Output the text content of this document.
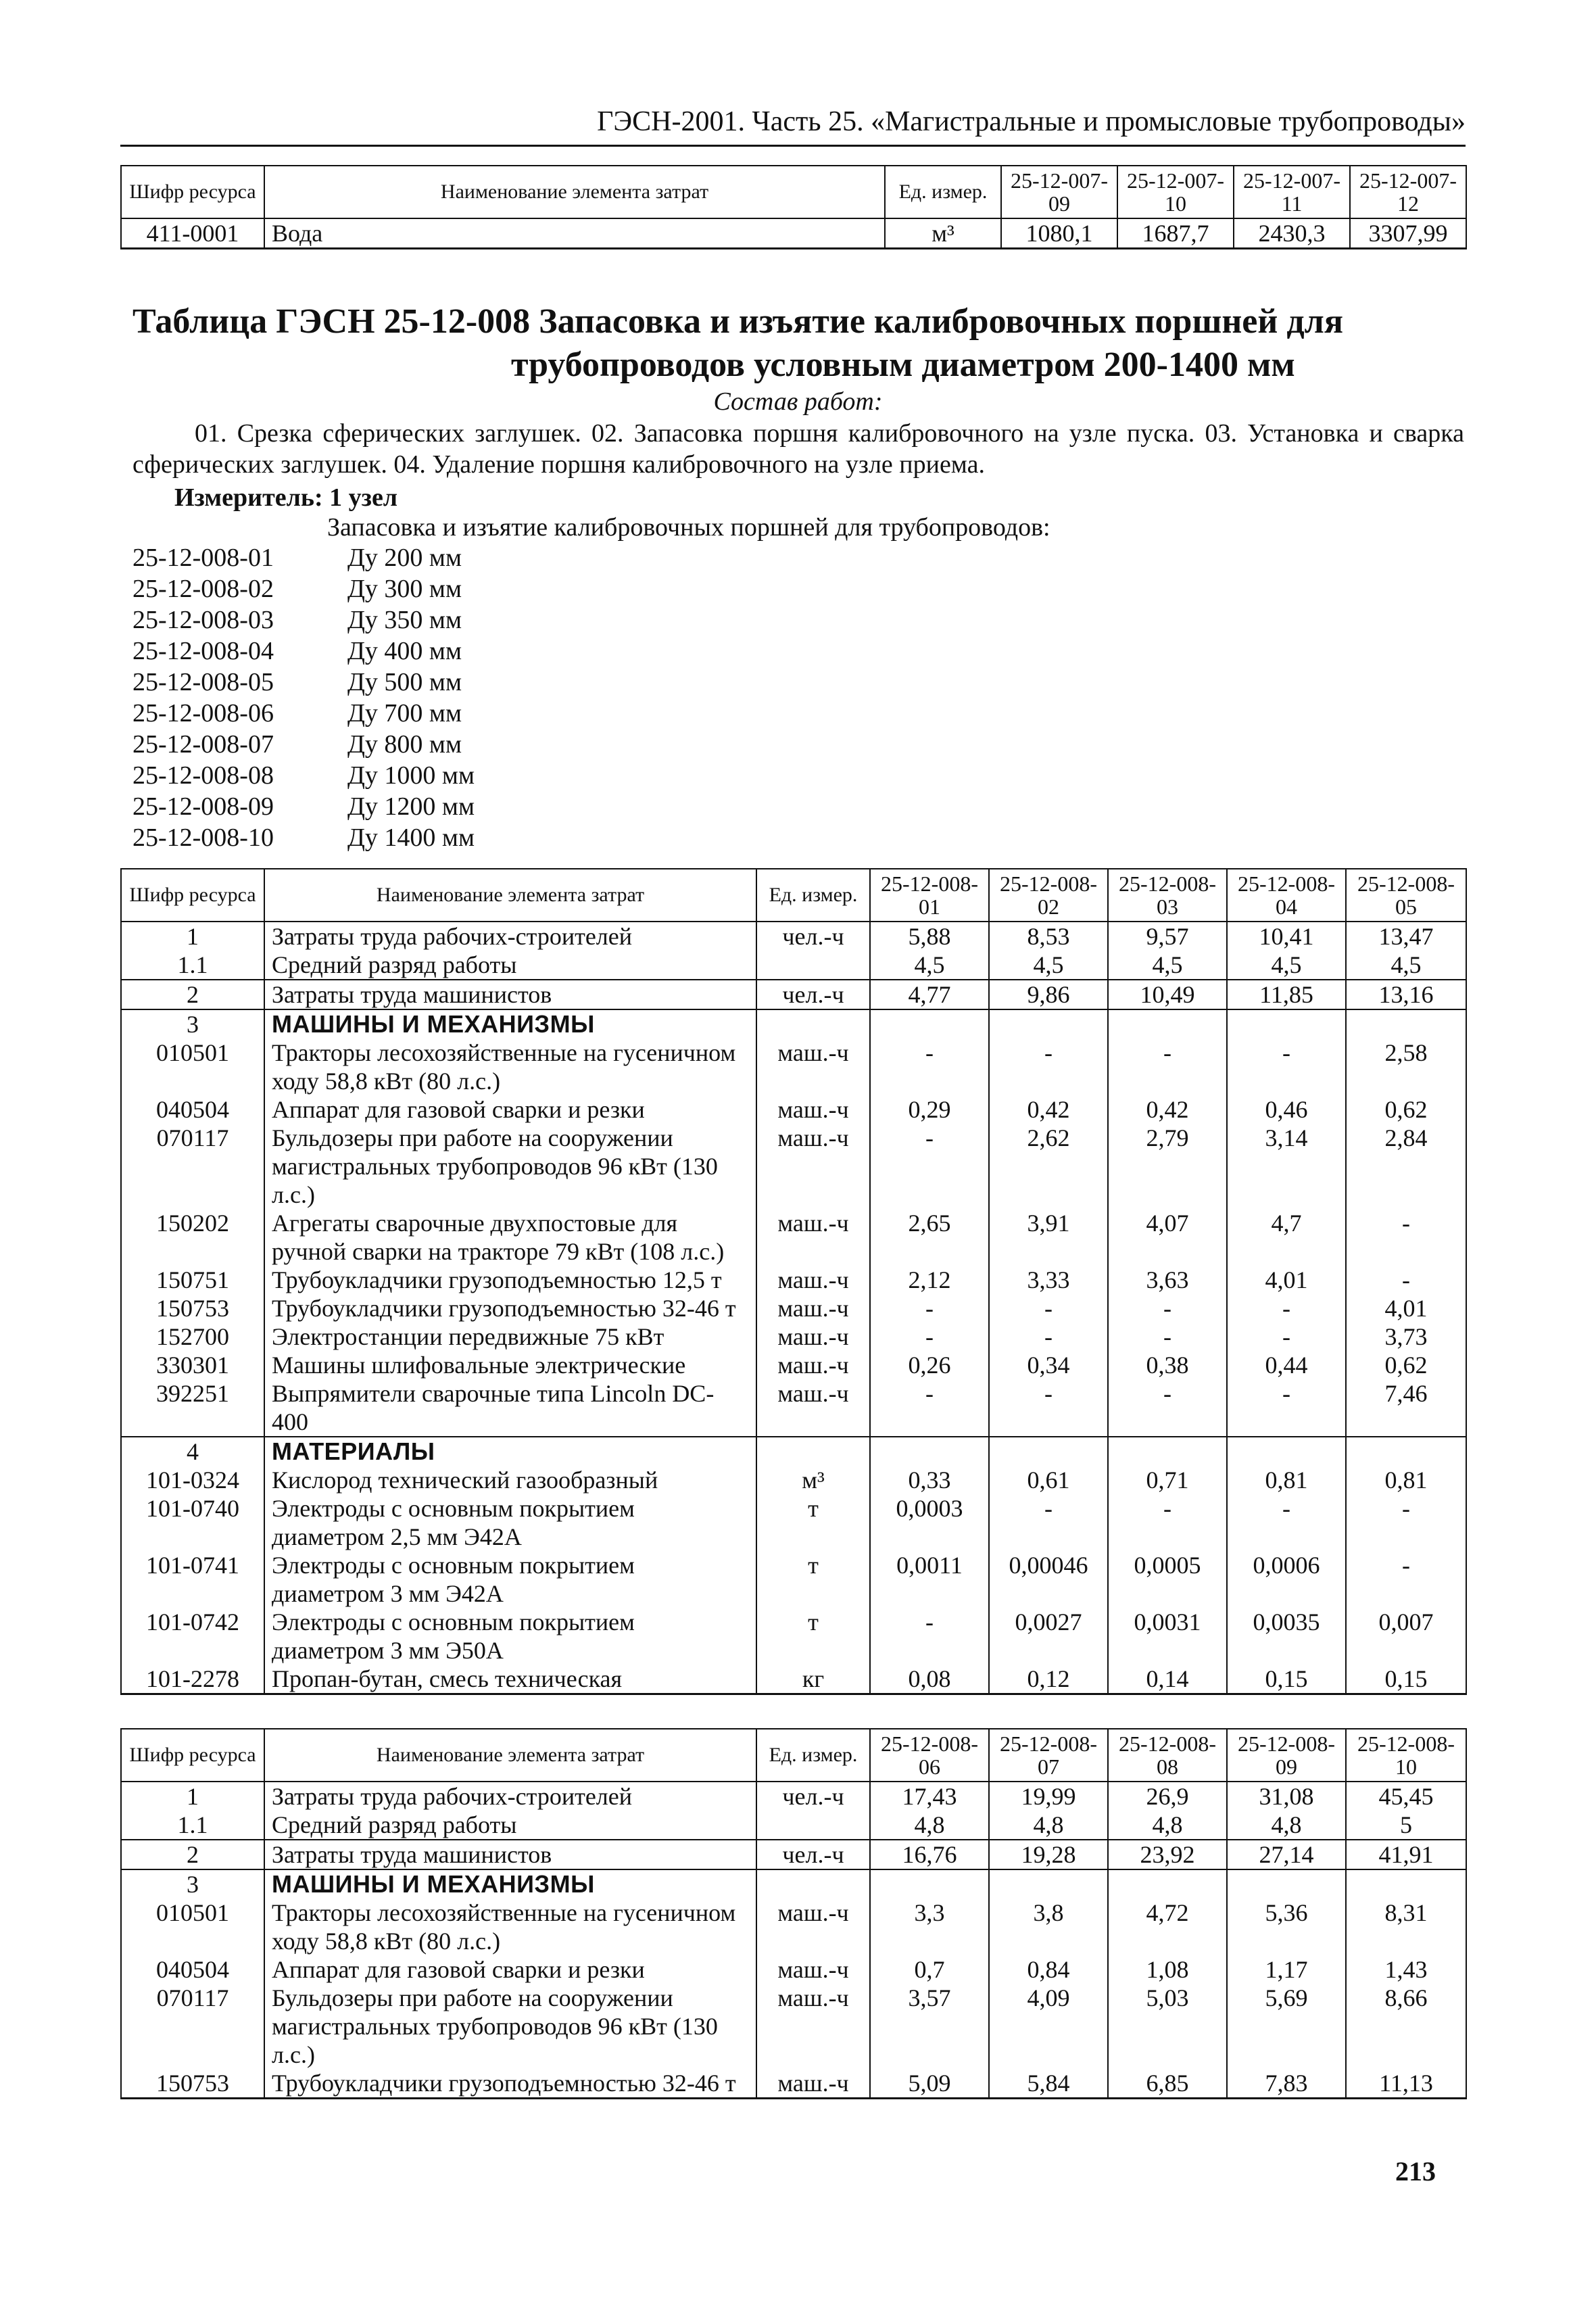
ГЭСН-2001. Часть 25. «Магистральные и промысловые трубопроводы»
Шифр ресурса	Наименование элемента затрат	Ед. измер.	25-12-007-09	25-12-007-10	25-12-007-11	25-12-007-12
411-0001	Вода	м³	1080,1	1687,7	2430,3	3307,99
Таблица ГЭСН 25-12-008 Запасовка и изъятие калибровочных поршней для
трубопроводов условным диаметром 200-1400 мм
Состав работ:
01. Срезка сферических заглушек. 02. Запасовка поршня калибровочного на узле пуска. 03. Установка и сварка сферических заглушек. 04. Удаление поршня калибровочного на узле приема.
Измеритель: 1 узел
Запасовка и изъятие калибровочных поршней для трубопроводов:
25-12-008-01	Ду 200 мм
25-12-008-02	Ду 300 мм
25-12-008-03	Ду 350 мм
25-12-008-04	Ду 400 мм
25-12-008-05	Ду 500 мм
25-12-008-06	Ду 700 мм
25-12-008-07	Ду 800 мм
25-12-008-08	Ду 1000 мм
25-12-008-09	Ду 1200 мм
25-12-008-10	Ду 1400 мм
Шифр ресурса	Наименование элемента затрат	Ед. измер.	25-12-008-01	25-12-008-02	25-12-008-03	25-12-008-04	25-12-008-05
1	Затраты труда рабочих-строителей	чел.-ч	5,88	8,53	9,57	10,41	13,47
1.1	Средний разряд работы		4,5	4,5	4,5	4,5	4,5
2	Затраты труда машинистов	чел.-ч	4,77	9,86	10,49	11,85	13,16
3	МАШИНЫ И МЕХАНИЗМЫ						
010501	Тракторы лесохозяйственные на гусеничном ходу 58,8 кВт (80 л.с.)	маш.-ч	-	-	-	-	2,58
040504	Аппарат для газовой сварки и резки	маш.-ч	0,29	0,42	0,42	0,46	0,62
070117	Бульдозеры при работе на сооружении магистральных трубопроводов 96 кВт (130 л.с.)	маш.-ч	-	2,62	2,79	3,14	2,84
150202	Агрегаты сварочные двухпостовые для ручной сварки на тракторе 79 кВт (108 л.с.)	маш.-ч	2,65	3,91	4,07	4,7	-
150751	Трубоукладчики грузоподъемностью 12,5 т	маш.-ч	2,12	3,33	3,63	4,01	-
150753	Трубоукладчики грузоподъемностью 32-46 т	маш.-ч	-	-	-	-	4,01
152700	Электростанции передвижные 75 кВт	маш.-ч	-	-	-	-	3,73
330301	Машины шлифовальные электрические	маш.-ч	0,26	0,34	0,38	0,44	0,62
392251	Выпрямители сварочные типа Lincoln DC-400	маш.-ч	-	-	-	-	7,46
4	МАТЕРИАЛЫ						
101-0324	Кислород технический газообразный	м³	0,33	0,61	0,71	0,81	0,81
101-0740	Электроды с основным покрытием диаметром 2,5 мм Э42А	т	0,0003	-	-	-	-
101-0741	Электроды с основным покрытием диаметром 3 мм Э42А	т	0,0011	0,00046	0,0005	0,0006	-
101-0742	Электроды с основным покрытием диаметром 3 мм Э50А	т	-	0,0027	0,0031	0,0035	0,007
101-2278	Пропан-бутан, смесь техническая	кг	0,08	0,12	0,14	0,15	0,15
Шифр ресурса	Наименование элемента затрат	Ед. измер.	25-12-008-06	25-12-008-07	25-12-008-08	25-12-008-09	25-12-008-10
1	Затраты труда рабочих-строителей	чел.-ч	17,43	19,99	26,9	31,08	45,45
1.1	Средний разряд работы		4,8	4,8	4,8	4,8	5
2	Затраты труда машинистов	чел.-ч	16,76	19,28	23,92	27,14	41,91
3	МАШИНЫ И МЕХАНИЗМЫ						
010501	Тракторы лесохозяйственные на гусеничном ходу 58,8 кВт (80 л.с.)	маш.-ч	3,3	3,8	4,72	5,36	8,31
040504	Аппарат для газовой сварки и резки	маш.-ч	0,7	0,84	1,08	1,17	1,43
070117	Бульдозеры при работе на сооружении магистральных трубопроводов 96 кВт (130 л.с.)	маш.-ч	3,57	4,09	5,03	5,69	8,66
150753	Трубоукладчики грузоподъемностью 32-46 т	маш.-ч	5,09	5,84	6,85	7,83	11,13
213
